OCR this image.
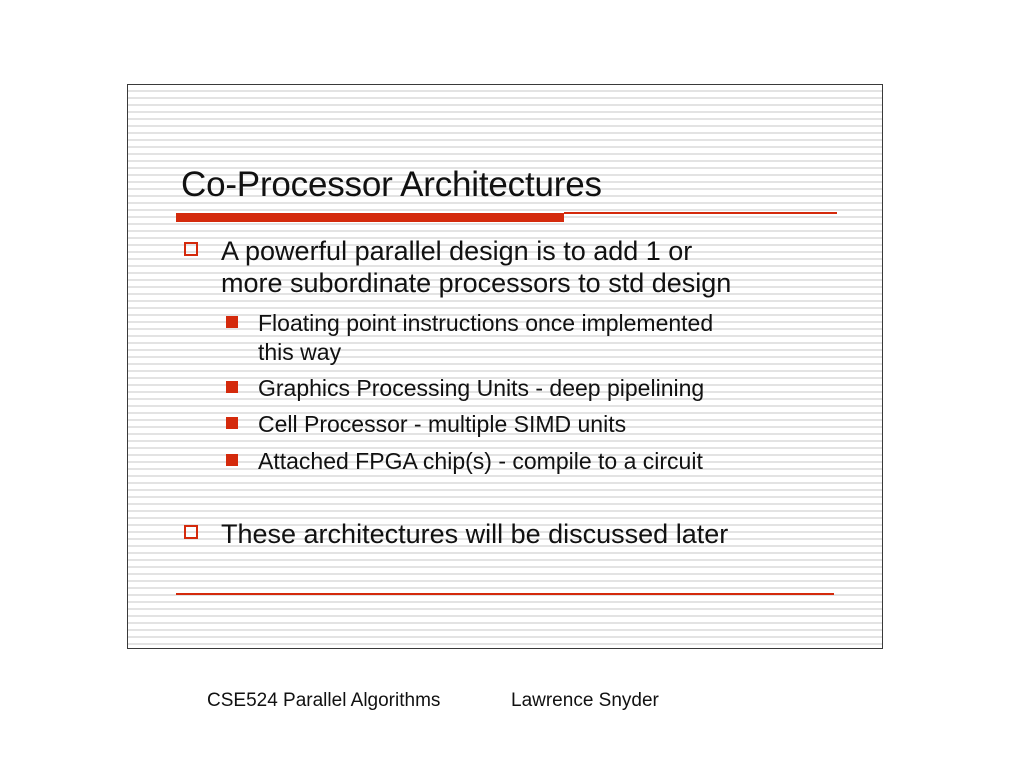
Co-Processor Architectures
A powerful parallel design is to add 1 or
more subordinate processors to std design
Floating point instructions once implemented
this way
Graphics Processing Units - deep pipelining
Cell Processor - multiple SIMD units
Attached FPGA chip(s) - compile to a circuit
These architectures will be discussed later
CSE524 Parallel Algorithms	Lawrence Snyder
